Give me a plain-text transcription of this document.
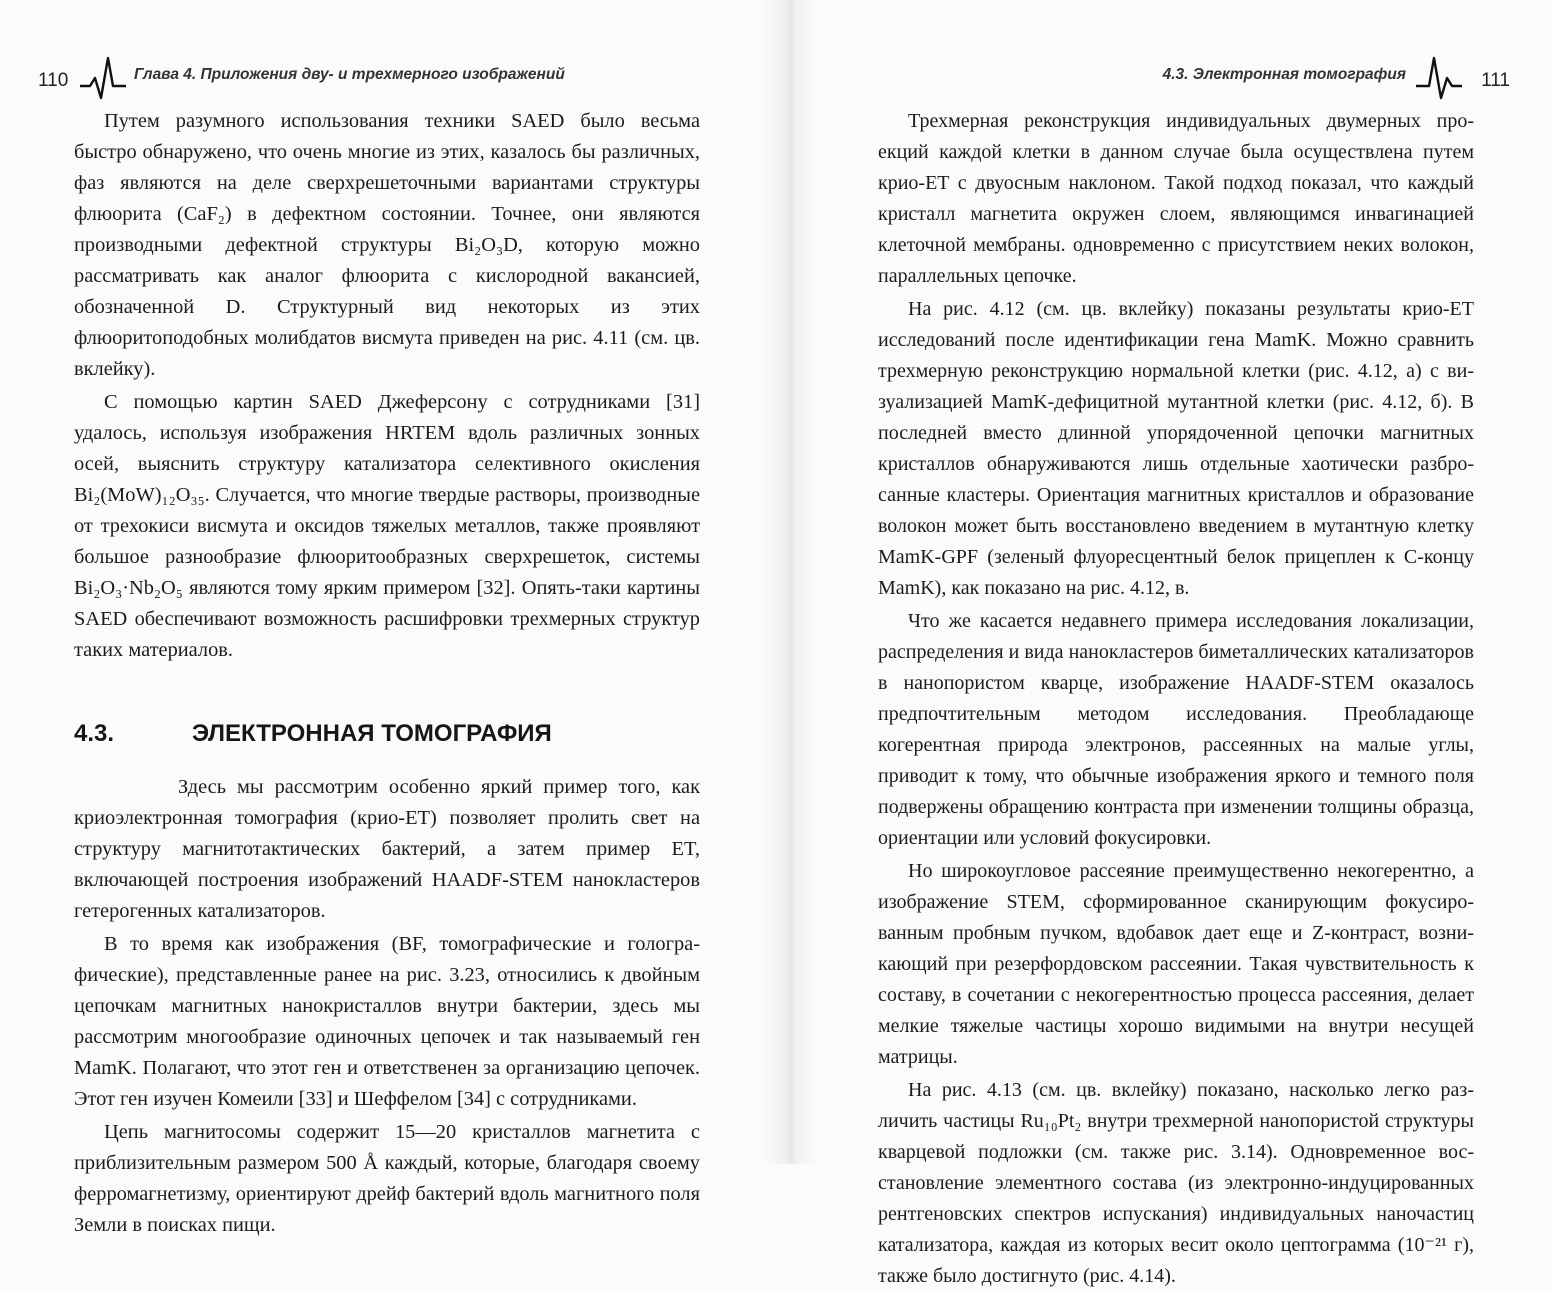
110	Глава 4. Приложения дву- и трехмерного изображений

Путем разумного использования техники SAED было весьма быстро обнаружено, что очень многие из этих, казалось бы различных, фаз являются на деле сверхрешеточными вариантами структуры флюорита (CaF₂) в дефектном состоянии. Точнее, они являются производными дефектной структуры Bi₂O₃D, которую можно рассматривать как аналог флюорита с кислородной вакансией, обозначенной D. Структурный вид некоторых из этих флюоритоподобных молибдатов висмута приведен на рис. 4.11 (см. цв. вклейку).

С помощью картин SAED Джеферсону с сотрудниками [31] удалось, используя изображения HRTEM вдоль различных зонных осей, выяснить структуру катализатора селективного окисления Bi₂(MoW)₁₂O₃₅. Случается, что многие твердые растворы, производные от трехокиси висмута и оксидов тяжелых металлов, также проявляют большое разнообразие флюоритообразных сверхрешеток, системы Bi₂O₃·Nb₂O₅ являются тому ярким примером [32]. Опять-таки картины SAED обеспечивают возможность расшифровки трехмерных структур таких материалов.

4.3.	ЭЛЕКТРОННАЯ ТОМОГРАФИЯ

Здесь мы рассмотрим особенно яркий пример того, как криоэлектронная томография (крио-ET) позволяет пролить свет на структуру магнитотактических бактерий, а затем пример ET, включающей построения изображений HAADF-STEM нанокластеров гетерогенных катализаторов.

В то время как изображения (BF, томографические и голографические), представленные ранее на рис. 3.23, относились к двойным цепочкам магнитных нанокристаллов внутри бактерии, здесь мы рассмотрим многообразие одиночных цепочек и так называемый ген MamK. Полагают, что этот ген и ответственен за организацию цепочек. Этот ген изучен Комеили [33] и Шеффелом [34] с сотрудниками.

Цепь магнитосомы содержит 15—20 кристаллов магнетита с приблизительным размером 500 Å каждый, которые, благодаря своему ферромагнетизму, ориентируют дрейф бактерий вдоль магнитного поля Земли в поисках пищи.

4.3. Электронная томография	111

Трехмерная реконструкция индивидуальных двумерных проекций каждой клетки в данном случае была осуществлена путем крио-ET с двуосным наклоном. Такой подход показал, что каждый кристалл магнетита окружен слоем, являющимся инвагинацией клеточной мембраны. одновременно с присутствием неких волокон, параллельных цепочке.

На рис. 4.12 (см. цв. вклейку) показаны результаты крио-ET исследований после идентификации гена MamK. Можно сравнить трехмерную реконструкцию нормальной клетки (рис. 4.12, а) с визуализацией MamK-дефицитной мутантной клетки (рис. 4.12, б). В последней вместо длинной упорядоченной цепочки магнитных кристаллов обнаруживаются лишь отдельные хаотически разбросанные кластеры. Ориентация магнитных кристаллов и образование волокон может быть восстановлено введением в мутантную клетку MamK-GPF (зеленый флуоресцентный белок прицеплен к C-концу MamK), как показано на рис. 4.12, в.

Что же касается недавнего примера исследования локализации, распределения и вида нанокластеров биметаллических катализаторов в нанопористом кварце, изображение HAADF-STEM оказалось предпочтительным методом исследования. Преобладающе когерентная природа электронов, рассеянных на малые углы, приводит к тому, что обычные изображения яркого и темного поля подвержены обращению контраста при изменении толщины образца, ориентации или условий фокусировки.

Но широкоугловое рассеяние преимущественно некогерентно, а изображение STEM, сформированное сканирующим фокусированным пробным пучком, вдобавок дает еще и Z-контраст, возникающий при резерфордовском рассеянии. Такая чувствительность к составу, в сочетании с некогерентностью процесса рассеяния, делает мелкие тяжелые частицы хорошо видимыми на внутри несущей матрицы.

На рис. 4.13 (см. цв. вклейку) показано, насколько легко различить частицы Ru₁₀Pt₂ внутри трехмерной нанопористой структуры кварцевой подложки (см. также рис. 3.14). Одновременное восстановление элементного состава (из электронно-индуцированных рентгеновских спектров испускания) индивидуальных наночастиц катализатора, каждая из которых весит около цептограмма (10⁻²¹ г), также было достигнуто (рис. 4.14).
